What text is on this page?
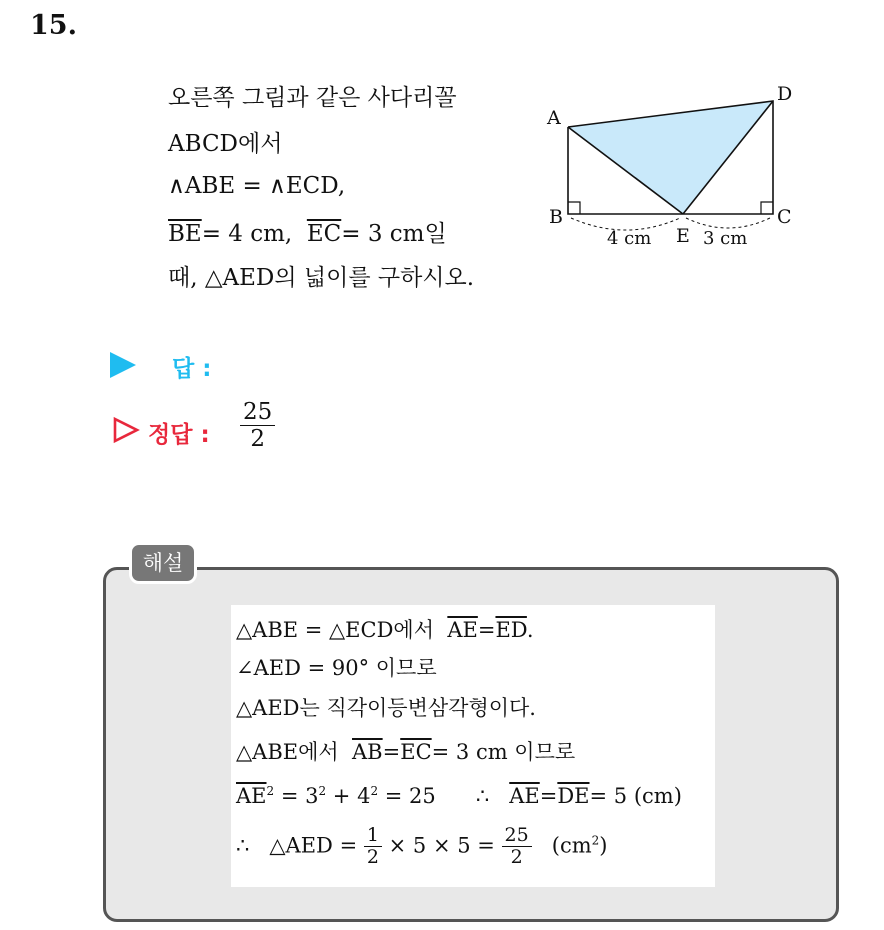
15.
오른쪽 그림과 같은 사다리꼴
ABCD에서
∧ABE = ∧ECD,
$\overline{BE}= 4$ cm, $\overline{EC}= 3$ cm일
때, △AED의 넓이를 구하시오.
A
D
B	C
E
4 cm	3 cm
답 :
정답 : $\frac{25}{2}$
해설
△ABE = △ECD에서 $\overline{AE}=\overline{ED}$.
∠AED = 90° 이므로
△AED는 직각이등변삼각형이다.
△ABE에서 $\overline{AB}=\overline{EC}= 3$ cm 이므로
$\overline{AE}^2 = 3^2 + 4^2 = 25$ ∴ $\overline{AE}=\overline{DE}= 5$ (cm)
∴ △AED = $\frac{1}{2} \times 5 \times 5 = \frac{25}{2} (cm^2)$
